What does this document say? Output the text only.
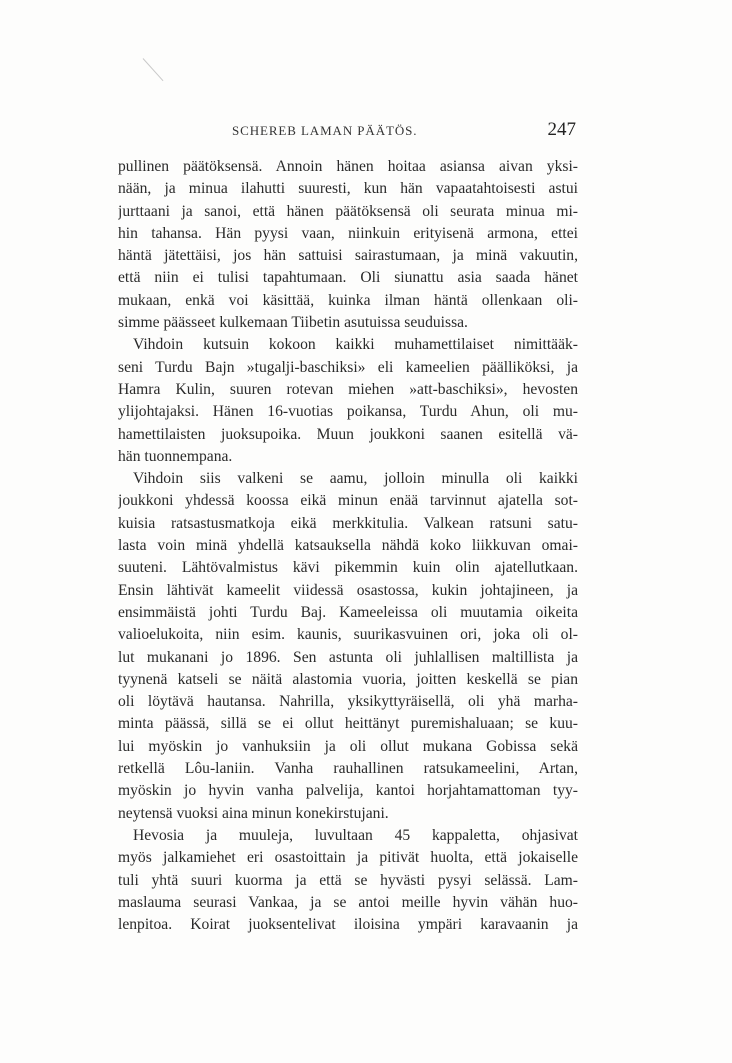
SCHEREB LAMAN PÄÄTÖS.	247
pullinen päätöksensä. Annoin hänen hoitaa asiansa aivan yksi-
nään, ja minua ilahutti suuresti, kun hän vapaatahtoisesti astui
jurttaani ja sanoi, että hänen päätöksensä oli seurata minua mi-
hin tahansa. Hän pyysi vaan, niinkuin erityisenä armona, ettei
häntä jätettäisi, jos hän sattuisi sairastumaan, ja minä vakuutin,
että niin ei tulisi tapahtumaan. Oli siunattu asia saada hänet
mukaan, enkä voi käsittää, kuinka ilman häntä ollenkaan oli-
simme päässeet kulkemaan Tiibetin asutuissa seuduissa.
Vihdoin kutsuin kokoon kaikki muhamettilaiset nimittääk-
seni Turdu Bajn »tugalji-baschiksi» eli kameelien päälliköksi, ja
Hamra Kulin, suuren rotevan miehen »att-baschiksi», hevosten
ylijohtajaksi. Hänen 16-vuotias poikansa, Turdu Ahun, oli mu-
hamettilaisten juoksupoika. Muun joukkoni saanen esitellä vä-
hän tuonnempana.
Vihdoin siis valkeni se aamu, jolloin minulla oli kaikki
joukkoni yhdessä koossa eikä minun enää tarvinnut ajatella sot-
kuisia ratsastusmatkoja eikä merkkitulia. Valkean ratsuni satu-
lasta voin minä yhdellä katsauksella nähdä koko liikkuvan omai-
suuteni. Lähtövalmistus kävi pikemmin kuin olin ajatellutkaan.
Ensin lähtivät kameelit viidessä osastossa, kukin johtajineen, ja
ensimmäistä johti Turdu Baj. Kameeleissa oli muutamia oikeita
valioelukoita, niin esim. kaunis, suurikasvuinen ori, joka oli ol-
lut mukanani jo 1896. Sen astunta oli juhlallisen maltillista ja
tyynenä katseli se näitä alastomia vuoria, joitten keskellä se pian
oli löytävä hautansa. Nahrilla, yksikyttyräisellä, oli yhä marha-
minta päässä, sillä se ei ollut heittänyt puremishaluaan; se kuu-
lui myöskin jo vanhuksiin ja oli ollut mukana Gobissa sekä
retkellä Lôu-laniin. Vanha rauhallinen ratsukameelini, Artan,
myöskin jo hyvin vanha palvelija, kantoi horjahtamattoman tyy-
neytensä vuoksi aina minun konekirstujani.
Hevosia ja muuleja, luvultaan 45 kappaletta, ohjasivat
myös jalkamiehet eri osastoittain ja pitivät huolta, että jokaiselle
tuli yhtä suuri kuorma ja että se hyvästi pysyi selässä. Lam-
maslauma seurasi Vankaa, ja se antoi meille hyvin vähän huo-
lenpitoa. Koirat juoksentelivat iloisina ympäri karavaanin ja
